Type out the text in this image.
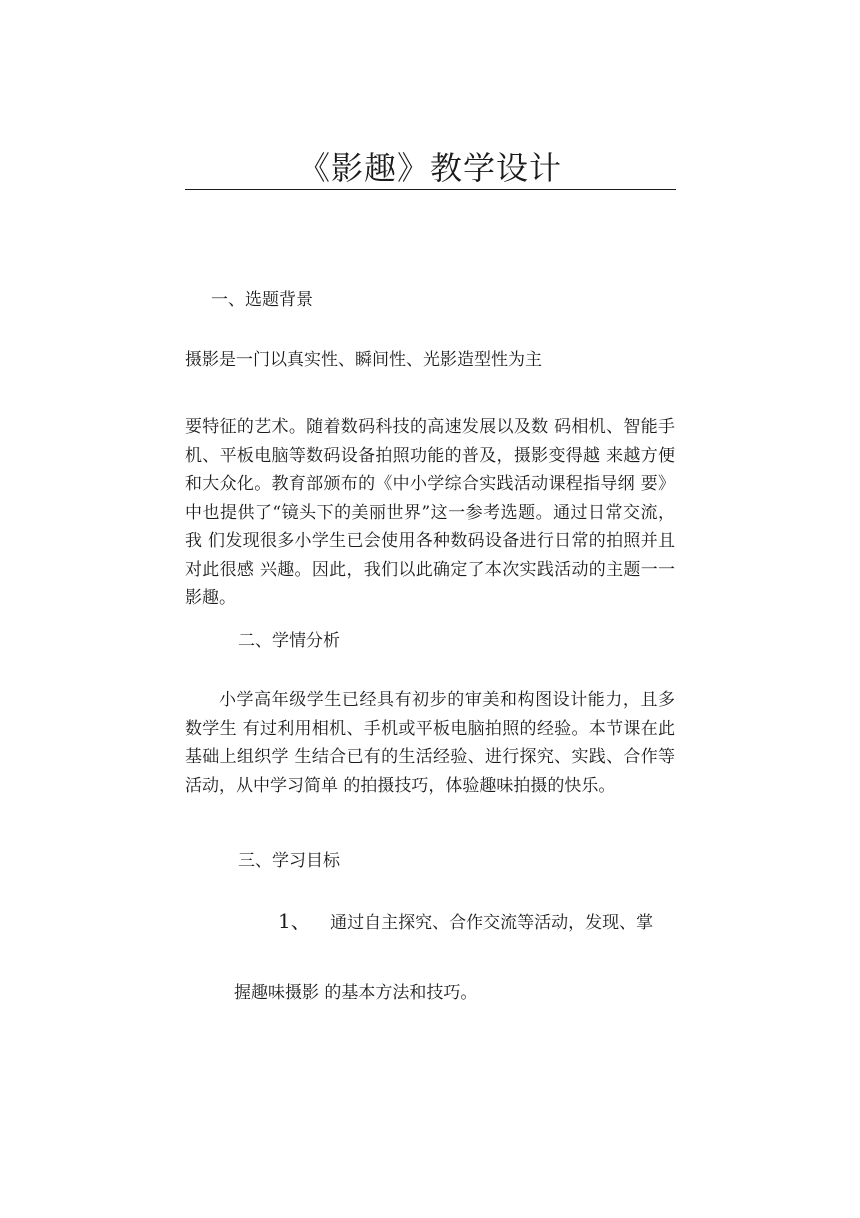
《影趣》教学设计
一、选题背景
摄影是一门以真实性、瞬间性、光影造型性为主
要特征的艺术。随着数码科技的高速发展以及数 码相机、智能手机、平板电脑等数码设备拍照功能的普及，摄影变得越 来越方便和大众化。教育部颁布的《中小学综合实践活动课程指导纲 要》中也提供了“镜头下的美丽世界”这一参考选题。通过日常交流，我 们发现很多小学生已会使用各种数码设备进行日常的拍照并且对此很感 兴趣。因此，我们以此确定了本次实践活动的主题一一影趣。
二、学情分析
小学高年级学生已经具有初步的审美和构图设计能力，且多数学生 有过利用相机、手机或平板电脑拍照的经验。本节课在此基础上组织学 生结合已有的生活经验、进行探究、实践、合作等活动，从中学习简单 的拍摄技巧，体验趣味拍摄的快乐。
三、学习目标
1、 通过自主探究、合作交流等活动，发现、掌
握趣味摄影 的基本方法和技巧。
